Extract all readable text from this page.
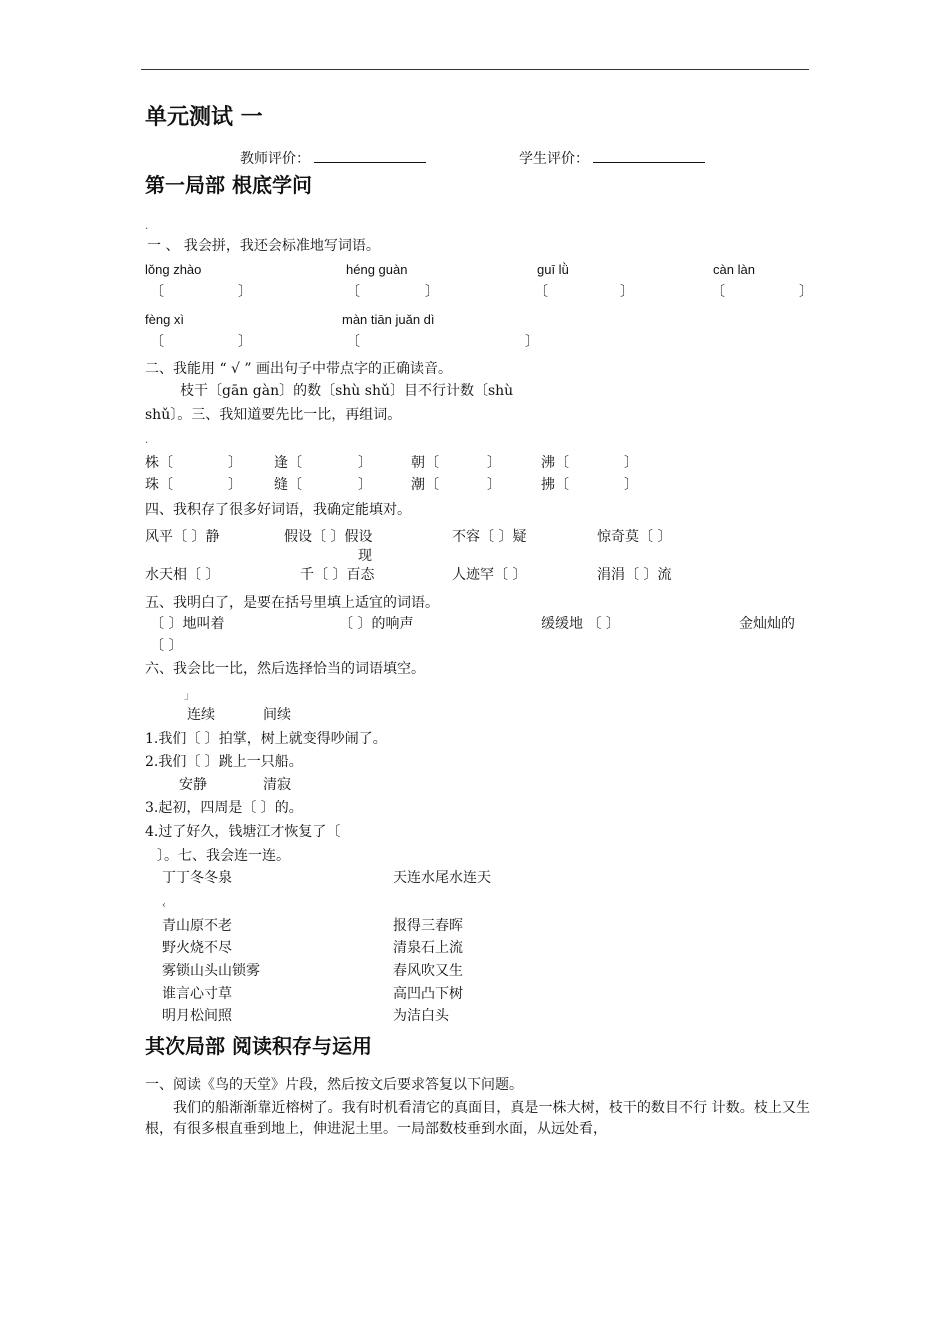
单元测试 一
教师评价：	学生评价：
第一局部 根底学问
.
一 、 我会拼，我还会标准地写词语。
lǒng zhào	héng guàn	guī lǜ	càn làn
〔	〕	〔	〕	〔	〕	〔	〕
fèng xì	màn tiān juǎn dì
〔	〕	〔	〕
二、我能用 “ √ ” 画出句子中带点字的正确读音。
枝干〔gān gàn〕的数〔shù shǔ〕目不行计数〔shù
shǔ〕。三、我知道要先比一比，再组词。
.
株〔	〕 逢〔	〕	朝〔	〕	沸〔	〕
珠〔	〕 缝〔	〕	潮〔	〕	拂〔	〕
四、我积存了很多好词语，我确定能填对。
风平〔 〕静	假设〔 〕假设	不容〔 〕疑	惊奇莫〔 〕
现
水天相〔 〕	千〔 〕百态	人迹罕〔 〕	涓涓〔 〕流
五、我明白了，是要在括号里填上适宜的词语。
〔 〕地叫着	〔 〕的响声	缓缓地 〔 〕	金灿灿的
〔 〕
六、我会比一比，然后选择恰当的词语填空。
」
连续	间续
1.我们〔 〕拍掌，树上就变得吵闹了。
2.我们〔 〕跳上一只船。
安静	清寂
3.起初，四周是〔 〕的。
4.过了好久，钱塘江才恢复了〔
〕。七、我会连一连。
丁丁冬冬泉	天连水尾水连天
‹
青山原不老	报得三春晖
野火烧不尽	清泉石上流
雾锁山头山锁雾	春风吹又生
谁言心寸草	高凹凸下树
明月松间照	为洁白头
其次局部 阅读积存与运用
一、阅读《鸟的天堂》片段，然后按文后要求答复以下问题。
我们的船渐渐靠近榕树了。我有时机看清它的真面目，真是一株大树，枝干的数目不行 计数。枝上又生根，有很多根直垂到地上，伸进泥土里。一局部数枝垂到水面，从远处看，
